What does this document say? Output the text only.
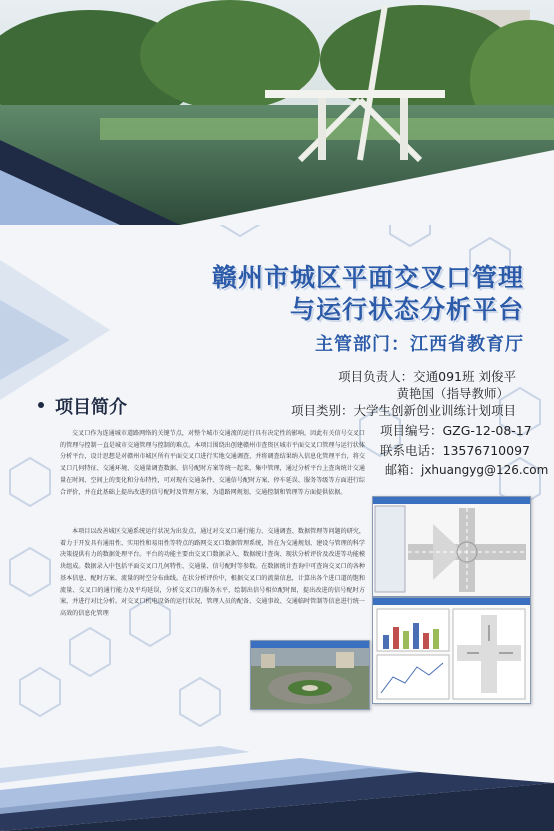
赣州市城区平面交叉口管理
与运行状态分析平台
主管部门：江西省教育厅
项目负责人：交通091班 刘俊平
黄艳国（指导教师）
项目类别：大学生创新创业训练计划项目
项目编号：GZG-12-08-17
联系电话：13576710097
邮箱：jxhuangyg@126.com
项目简介
交叉口作为连通城市道路网络的关键节点，对整个城市交通流的运行具有决定性的影响，因此有关信号交叉口的管理与控制一直是城市交通管理与控制的难点。本项目围绕出创建赣州市查资区城市平面交叉口管理与运行状体分析平台，设计思想是对赣州市城区所有平面交叉口进行实地交通调查，并将调查结果纳入信息化管理平台，将交叉口几何特征、交通环境、交通量调查数据、信号配时方案等统一起来，集中管理，通过分析平台上查询统计交通量在时间、空间上的变化和分布特性，可对现有交通条件、交通信号配时方案、停车延误、服务等级等方面进行综合评价，并在此基础上提出改进的信号配时及管理方案，为道路网规划、交通控制和管理等方面提供依据。
本项目以改善城区交通系统运行状况为出发点，通过对交叉口通行能力、交通调查、数据管理等问题的研究，着力于开发具有通用性、实用性和易用性等特点的路网交叉口数据管理系统，旨在为交通规划、建设与管理的科学决策提供有力的数据处理平台。平台的功能主要由交叉口数据录入、数据统计查询、现状分析评价及改进等功能模块组成。数据录入中包括平面交叉口几何特性、交通量、信号配时等参数。在数据统计查询中可查询交叉口的各种基本信息、配时方案、流量的时空分布曲线。在状分析评价中，根据交叉口的流量信息，计算出各个进口道的饱和流量、交叉口的通行能力及平均延误，分析交叉口的服务水平，绘制出信号相位配时图，提出改进的信号配时方案，并进行对比分析。对交叉口机电设备的运行状况、管理人员的配备、交通事故、交通临时管制等信息进行统一高效的信息化管理
